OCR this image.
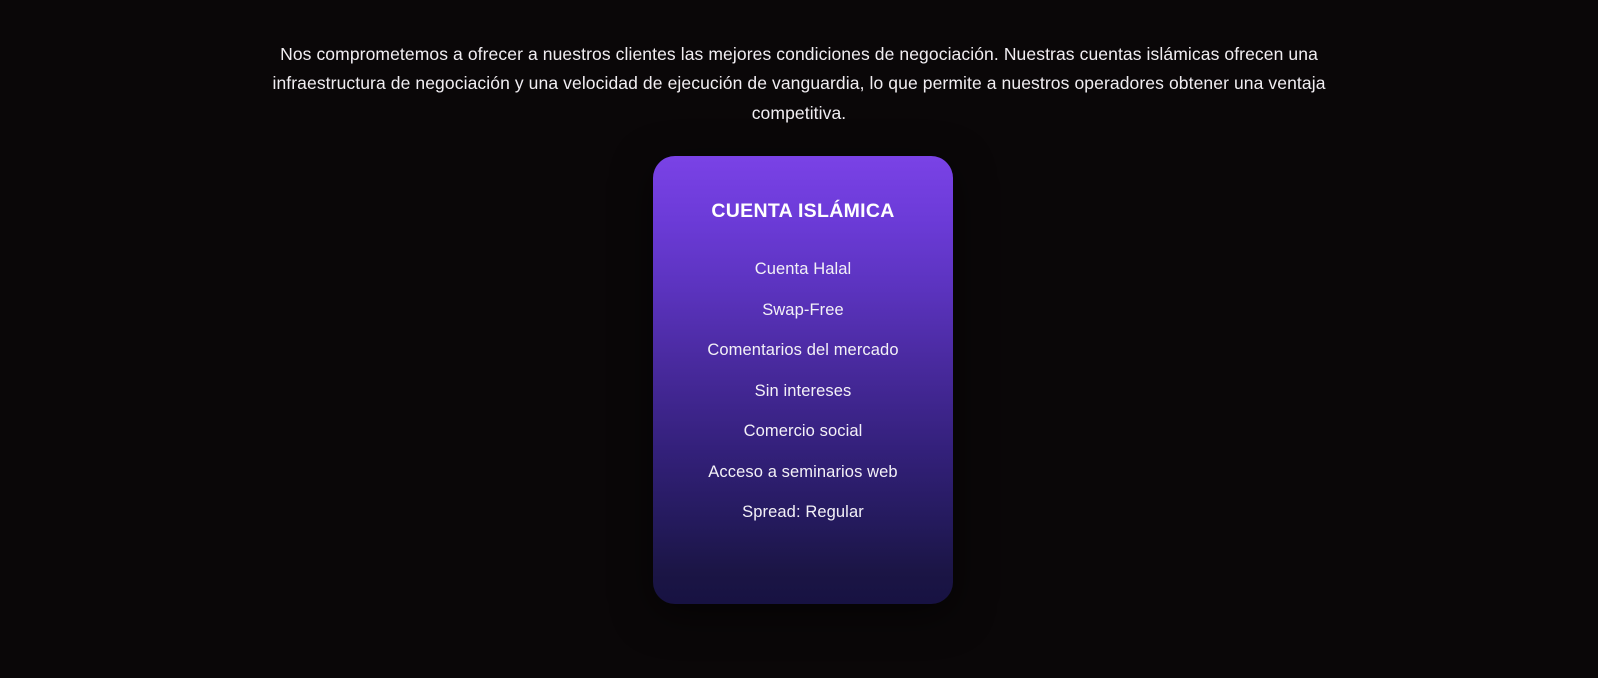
Nos comprometemos a ofrecer a nuestros clientes las mejores condiciones de negociación. Nuestras cuentas islámicas ofrecen una infraestructura de negociación y una velocidad de ejecución de vanguardia, lo que permite a nuestros operadores obtener una ventaja competitiva.

CUENTA ISLÁMICA
Cuenta Halal
Swap-Free
Comentarios del mercado
Sin intereses
Comercio social
Acceso a seminarios web
Spread: Regular
